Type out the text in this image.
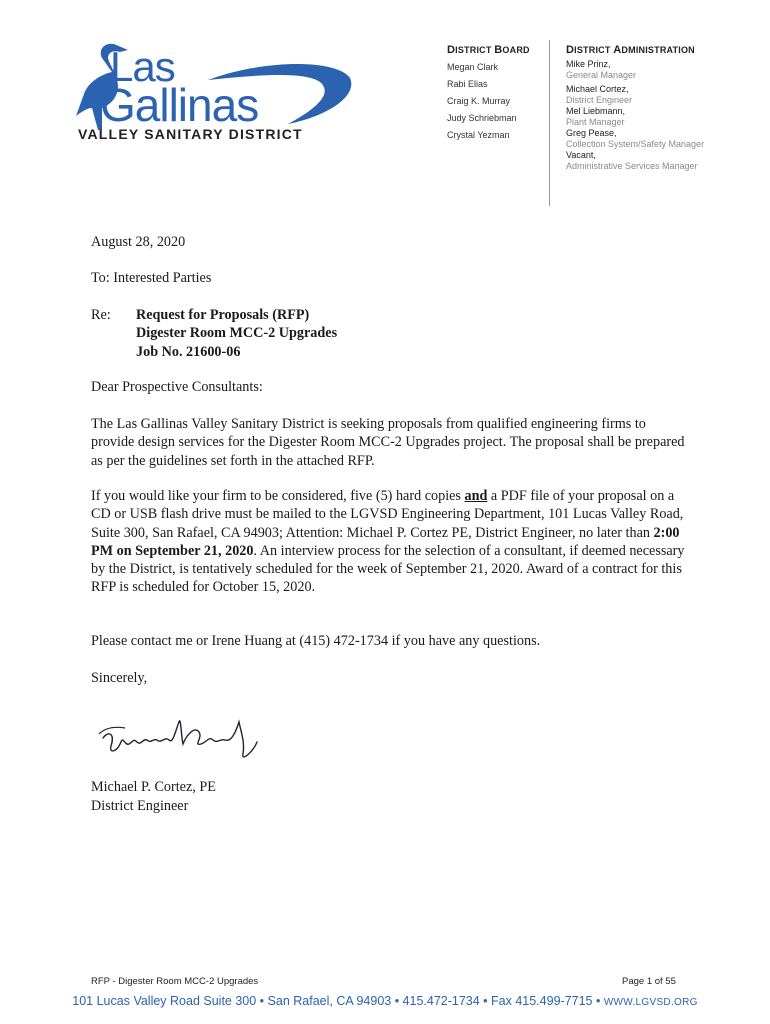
Las
Gallinas
VALLEY SANITARY DISTRICT
DISTRICT BOARD
Megan Clark
Rabi Elias
Craig K. Murray
Judy Schriebman
Crystal Yezman
DISTRICT ADMINISTRATION
Mike Prinz,
General Manager
Michael Cortez,
District Engineer
Mel Liebmann,
Plant Manager
Greg Pease,
Collection System/Safety Manager
Vacant,
Administrative Services Manager
August 28, 2020
To: Interested Parties
Re: Request for Proposals (RFP)
Digester Room MCC-2 Upgrades
Job No. 21600-06
Dear Prospective Consultants:
The Las Gallinas Valley Sanitary District is seeking proposals from qualified engineering firms to provide design services for the Digester Room MCC-2 Upgrades project. The proposal shall be prepared as per the guidelines set forth in the attached RFP.
If you would like your firm to be considered, five (5) hard copies and a PDF file of your proposal on a CD or USB flash drive must be mailed to the LGVSD Engineering Department, 101 Lucas Valley Road, Suite 300, San Rafael, CA 94903; Attention: Michael P. Cortez PE, District Engineer, no later than 2:00 PM on September 21, 2020. An interview process for the selection of a consultant, if deemed necessary by the District, is tentatively scheduled for the week of September 21, 2020. Award of a contract for this RFP is scheduled for October 15, 2020.
Please contact me or Irene Huang at (415) 472-1734 if you have any questions.
Sincerely,
Michael P. Cortez, PE
District Engineer
RFP - Digester Room MCC-2 Upgrades	Page 1 of 55
101 Lucas Valley Road Suite 300 • San Rafael, CA 94903 • 415.472-1734 • Fax 415.499-7715 • WWW.LGVSD.ORG
